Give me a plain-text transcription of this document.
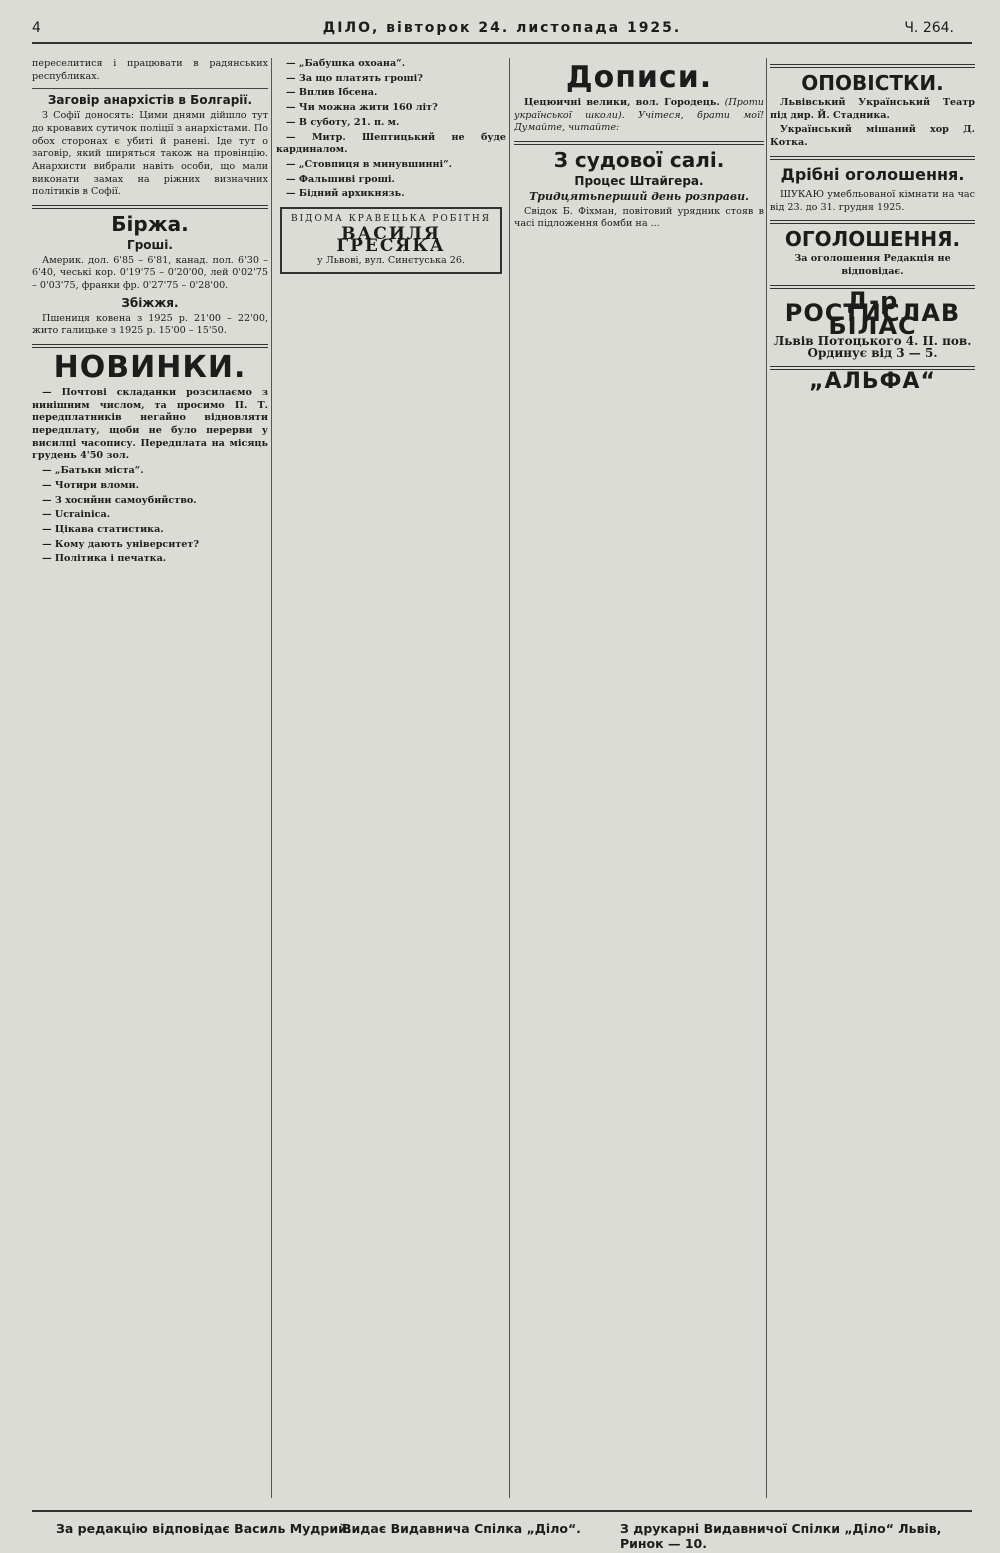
4	ДІЛО, вівторок 24. листопада 1925.	Ч. 264.

переселитися і працювати в радянських республиках.

Заговір анархістів в Болгарії.

З Софії доносять: Цими днями дійшло тут до кровавих сутичок поліції з анархістами. По обох сторонах є убиті й ранені. Іде тут о заговір, який ширяться також на провінцію. Анархисти вибрали навіть особи, що мали виконати замах на ріжних визначних політиків в Софії.

Біржа.
Гроші.

Америк. дол. 6'85 – 6'81, канад. пол. 6'30 – 6'40, чеські кор. 0'19'75 – 0'20'00, лей 0'02'75 – 0'03'75, франки фр. 0'27'75 – 0'28'00.

Збіжжя.

Пшениця ковена з 1925 р. 21'00 – 22'00, жито галицьке з 1925 р. 15'00 – 15'50.

НОВИНКИ.

— Почтові складанки розсилаємо з нинішним числом, та просимо П. Т. передплатників негайно відновляти передплату, щоби не було перерви у висилці часопису. Передплата на місяць грудень 4'50 зол.

— „Батьки міста“.

— Чотири вломи.

— З хосийни самоубийство.

— Ucrainica.

— Цікава статистика.

— Кому дають університет?

— Політика і печатка.

— „Бабушка охоана“.

— За що платять гроші?

— Вплив Ібсена.

— Чи можна жити 160 літ?

— В суботу, 21. п. м.

— Митр. Шептицький не буде кардиналом.

— „Стовпиця в минувшинні“.

— Фальшиві гроші.

— Бідний архикнязь.

ВІДОМА КРАВЕЦЬКА РОБІТНЯ
ВАСИЛЯ ГРЕСЯКА
у Львові, вул. Синєтуська 26.
Дописи.

Цецюичні велики, вол. Городець. (Проти української школи). Учітеся, брати мої! Думайте, читайте:

З судової салі.
Процес Штайгера.
Тридцятьперший день розправи.

Свідок Б. Фіхман, повітовий урядник стояв в часі підложення бомби на ...

ОПОВІСТКИ.

Львівський Український Театр під дир. Й. Стадника.

Український мішаний хор Д. Котка.

Дрібні оголошення.

ШУКАЮ умебльованої кімнати на час від 23. до 31. грудня 1925.

ОГОЛОШЕННЯ.
За оголошення Редакція не відповідає.
Д-р РОСТИСЛАВ БІЛАС
Львів Потоцького 4. II. пов.
Ординує від 3 — 5.
„АЛЬФА“
За редакцію відповідає Василь Мудрий.
Видає Видавнича Спілка „Діло“.	З друкарні Видавничої Спілки „Діло“ Львів, Ринок — 10.
